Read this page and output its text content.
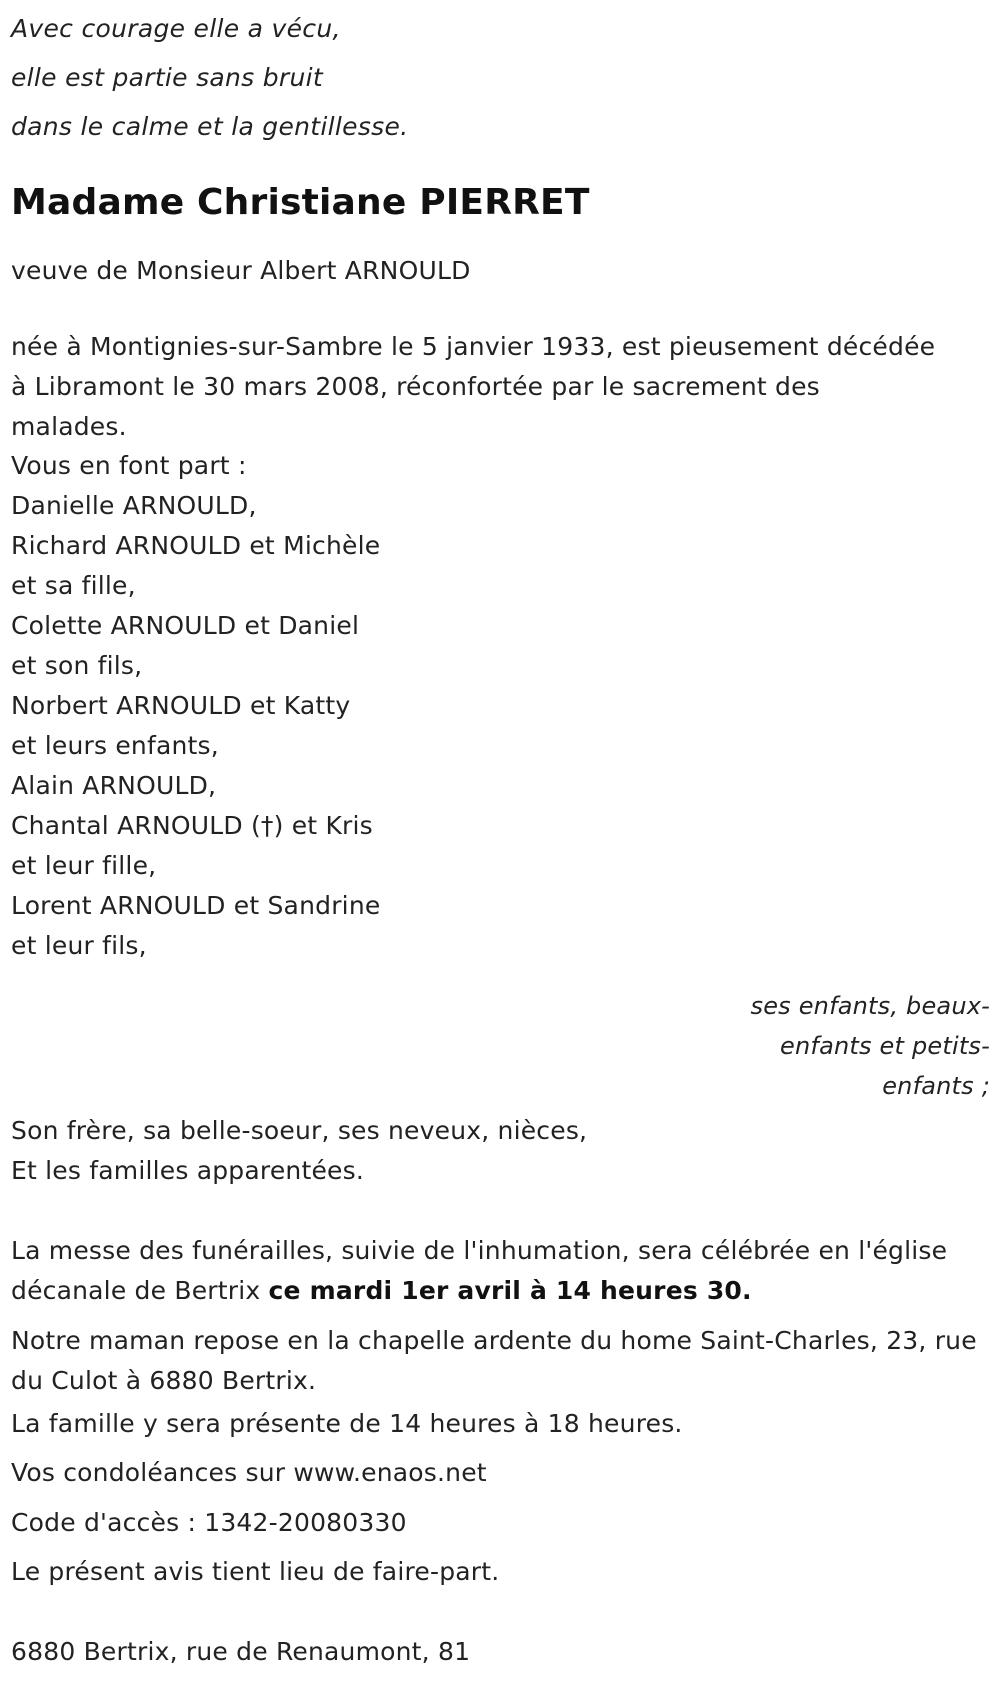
Avec courage elle a vécu,
elle est partie sans bruit
dans le calme et la gentillesse.
Madame Christiane PIERRET
veuve de Monsieur Albert ARNOULD
née à Montignies-sur-Sambre le 5 janvier 1933, est pieusement décédée à Libramont le 30 mars 2008, réconfortée par le sacrement des malades.
Vous en font part :
Danielle ARNOULD,
Richard ARNOULD et Michèle
et sa fille,
Colette ARNOULD et Daniel
et son fils,
Norbert ARNOULD et Katty
et leurs enfants,
Alain ARNOULD,
Chantal ARNOULD (†) et Kris
et leur fille,
Lorent ARNOULD et Sandrine
et leur fils,
ses enfants, beaux-enfants et petits-enfants ;
Son frère, sa belle-soeur, ses neveux, nièces,
Et les familles apparentées.
La messe des funérailles, suivie de l'inhumation, sera célébrée en l'église décanale de Bertrix ce mardi 1er avril à 14 heures 30.
Notre maman repose en la chapelle ardente du home Saint-Charles, 23, rue du Culot à 6880 Bertrix.
La famille y sera présente de 14 heures à 18 heures.
Vos condoléances sur www.enaos.net
Code d'accès : 1342-20080330
Le présent avis tient lieu de faire-part.
6880 Bertrix, rue de Renaumont, 81
